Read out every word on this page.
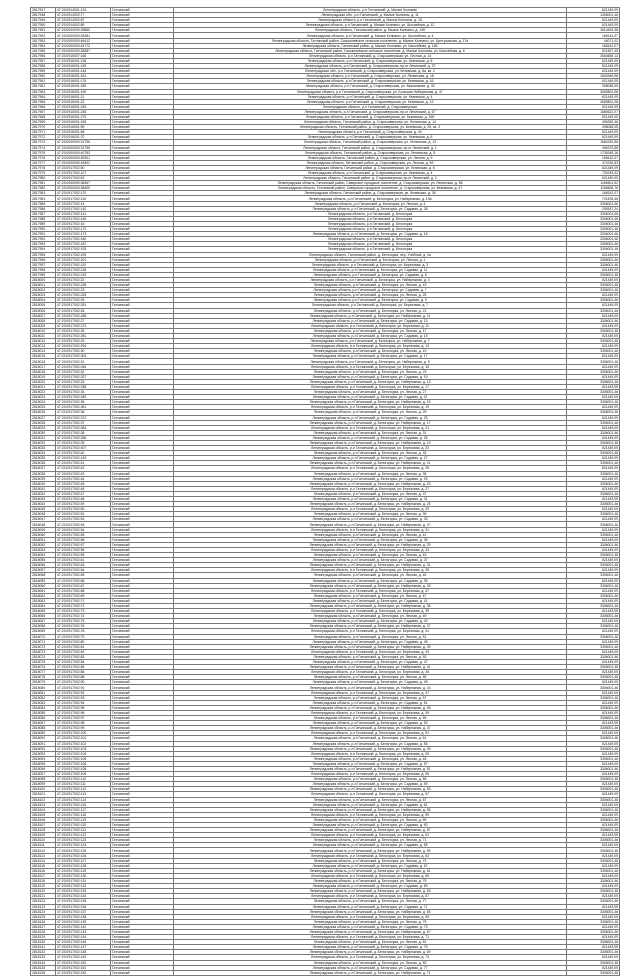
2817947	47:23:0914001:124	Гатчинский	Ленинградская область, р-н Гатчинский, д. Малые Колпаны	621449,09
2817948	47:23:0914002:77	Гатчинский	Ленинградская обл., р-н Гатчинский, д. Малые Колпаны, д. 11	1306001,46
2817949	47:23:0914002:87	Гатчинский	Ленинградская область, р-н Гатчинский, д. Малые Колпаны, д. 18	621449,09
2817950	47:23:0914002:89	Гатчинский	Ленинградская область, р-н Гатчинский, д. Малые Колпаны, ул. Шоссейная, д. 12	621449,09
2817951	47:23:0000000:39860	Гатчинский	Ленинградская область, Гатчинский район, д. Малые Колпаны, д. 13б	1614494,38
2817952	47:23:0000000:45481	Гатчинский	Ленинградская область, р-н Гатчинский, д. Малые Колпаны, ул. Шоссейная, д. 4	168142,07
2817953	47:23:0000000:46412	Гатчинский	Ленинградская область, Гатчинский район, Сяськелевское сельское поселение, д. Малые Колпаны, ул. Центральная, д. 17а	44071,02
2817954	47:23:0000000:44772	Гатчинский	Ленинградская область, Гатчинский район, д. Малые Колпаны, ул. Шоссейная, д. 16б	168142,07
2817955	47:23:0000000:38387	Гатчинский	Ленинградская область, Гатчинский район, Сяськелевское сельское поселение, д. Малые Колпаны, ул. Шоссейная, д. 6	621827,45
2817956	47:23:0916007:166	Гатчинский	Ленинградская область, р-н Гатчинский, д. Старосиверская, ул. Лесная, д. 14	3064665,13
2817957	47:23:0916001:136	Гатчинский	Ленинградская область, р-н Гатчинский, д. Старосиверская, ул. Кезевская, д. 8	621449,09
2817958	47:23:0916001:139	Гатчинский	Ленинградская область, р-н Гатчинский, д. Старосиверская, пр-кт Ленинский, д. 37	621449,09
2817959	47:23:0916001:144	Гатчинский	Ленинградская обл., р-н Гатчинский, д. Старосиверская, ул. Кезевская, д. 8а, кв. 2	621449,09
2817960	47:23:0916001:161	Гатчинский	Ленинградская область, р-н Гатчинский, д. Старосиверская, ул. Ленинская, д. 16	1604946,98
2817961	47:23:0916001:176	Гатчинский	Ленинградская область, р-н Гатчинский, д. Старосиверская, ул. Кезевская, д. 16	621449,09
2817962	47:23:0916001:189	Гатчинский	Ленинградская область, р-н Гатчинский, д. Старосиверская, ул. Вокзальная, д. 30	308048,05
2817963	47:23:0916001:190	Гатчинский	Ленинградская область, р-н Гатчинский, д. Старосиверская, ул. Большая Набережная, д. 47	3069801,08
2817964	47:23:0916001:21	Гатчинский	Ленинградская область, р-н Гатчинский, д. Старосиверская, ул. Кезевская, д. 4	621449,09
2817965	47:23:0916001:22	Гатчинский	Ленинградская область, р-н Гатчинский, д. Старосиверская, ул. Кезевская, д. 13	3069801,08
2817966	47:23:0916001:245	Гатчинский	Ленинградская область, р-н Гатчинский, д. Старосиверская	621449,09
2817967	47:23:0916001:248	Гатчинский	Ленинградская область, р-н Гатчинский, д. Старосиверская, пр-кт Ленинский, д. 67	1680622,07
2817968	47:23:0916001:275	Гатчинский	Ленинградская область, р-н Гатчинский, д. Старосиверская, ул. Кезевская, д. 16б	621449,09
2817969	47:23:0916001:318	Гатчинский	Ленинградская область, Гатчинский район, д. Старосиверская, ул. Ленинская, д. 14	496392,46
2817970	47:23:0916001:59	Гатчинский	Ленинградская область, Гатчинский район, д. Старосиверская, ул. Кезевская, д. 25, кв. 2	308048,05
2817971	47:23:0916001:65	Гатчинский	Ленинградская область, р-н Гатчинский, д. Старосиверская, д. 40	621449,09
2817972	47:23:0916001:70	Гатчинский	Ленинградская область, р-н Гатчинский, д. Старосиверская, ул. Кезевская, д. 6	621449,09
2817973	47:23:0000000:31796	Гатчинский	Ленинградская область, Гатчинский район, д. Старосиверская, ул. Ленинская, д. 13	1684262,86
2817974	47:23:0000000:31795	Гатчинский	Ленинградская область, Гатчинский район, д. Старосиверская, пр-кт Ленинский, д. 1	496370,88
2817975	47:23:0000000:40753	Гатчинский	Ленинградская область, Гатчинский район, д. Старосиверская, ул. Ленинская, д. 8	1735349,16
2817976	47:23:0000000:45301	Гатчинский	Ленинградская область, Гатчинский район, д. Старосиверская, ул. Лесная, д. 9	168142,07
2817977	47:23:0000000:45302	Гатчинский	Ленинградская область, Гатчинский район, д. Старосиверская, ул. Лесная, д. 9б	474230,83
2817978	47:23:0917002:60	Гатчинский	Ленинградская область, Гатчинский район, д. Старосиверская, ул. Кезевская, д. 6	621449,09
2817979	47:23:0917002:107	Гатчинский	Ленинградская область, р-н Гатчинский, д. Старосиверская, ул. Кезевская, д. 4	730243,32
2817980	47:23:0917002:62	Гатчинский	Ленинградская область, Гатчинский район, д. Старосиверская, пр-кт Ленинский, д. 2	621449,09
2817981	47:23:0000000:38367	Гатчинский	Ленинградская область, Гатчинский район, Сиверское городское поселение, д. Старосиверская, ул. Ленинская, д. 56	1166601,52
2817982	47:23:0000000:38409	Гатчинский	Ленинградская область, Гатчинский район, Сиверское городское поселение, д. Старосиверская, ул. Кезевская, д. 47	1166606,76
2817983	47:23:0917002:170	Гатчинский	Ленинградская область, Гатчинский район, д. Старосиверская, ул. Кезевская, д. 36	168142,07
2817984	47:23:0917002:115	Гатчинский	Ленинградская область, р-н Гатчинский, д. Белогорка, ул. Набережная, д. 19а	721878,38
2817985	47:23:0917002:14	Гатчинский	Ленинградская область, р-н Гатчинский, д. Белогорка, ул. Лесная, д. 4	3306001,46
2817986	47:23:0917002:140	Гатчинский	Ленинградская область, р-н Гатчинский, д. Белогорка, ул. Садовая, д. 28	298187,24
2817987	47:23:0917002:141	Гатчинский	Ленинградская область, р-н Гатчинский, д. Белогорка	3306001,46
2817988	47:23:0917002:145	Гатчинский	Ленинградская область, р-н Гатчинский, д. Белогорка	3306001,46
2817989	47:23:0917002:16	Гатчинский	Ленинградская область, р-н Гатчинский, д. Белогорка	3306001,46
2817990	47:23:0917002:170	Гатчинский	Ленинградская область, р-н Гатчинский, д. Белогорка	3306001,46
2817991	47:23:0917002:173	Гатчинский	Ленинградская область, р-н Гатчинский, д. Белогорка, ул. Садовая, д. 18	3306001,46
2817992	47:23:0917002:180	Гатчинский	Ленинградская область, р-н Гатчинский, д. Белогорка	3306001,46
2817993	47:23:0917002:187	Гатчинский	Ленинградская область, р-н Гатчинский, д. Белогорка	3306001,46
2817994	47:23:0917002:193	Гатчинский	Ленинградская область, р-н Гатчинский, д. Белогорка	3306001,46
2817995	47:23:0917002:199	Гатчинский	Ленинградская область, Гатчинский район, д. Белогорка, пер. Учебный, д. 2а	621449,09
2817996	47:23:0917002:201	Гатчинский	Ленинградская область, р-н Гатчинский, д. Белогорка, ул. Лесная, д. 1	3306001,46
2817997	47:23:0917002:210	Гатчинский	Ленинградская область, р-н Гатчинский, д. Белогорка, ул. Березовая, д. 3	3306001,46
2817998	47:23:0917002:218	Гатчинский	Ленинградская область, р-н Гатчинский, д. Белогорка, ул. Садовая, д. 11	621449,09
2817999	47:23:0917002:219	Гатчинский	Ленинградская область, р-н Гатчинский, д. Белогорка, ул. Садовая, д. 5	3306001,46
2818000	47:23:0917002:22	Гатчинский	Ленинградская область, р-н Гатчинский, д. Белогорка, ул. Набережная, д. 3	621449,09
2818001	47:23:0917002:228	Гатчинский	Ленинградская область, р-н Гатчинский, д. Белогорка, ул. Лесная, д. 15	3306001,46
2818002	47:23:0917002:23	Гатчинский	Ленинградская область, р-н Гатчинский, д. Белогорка, ул. Садовая, д. 7	3306001,46
2818003	47:23:0917002:233	Гатчинский	Ленинградская область, р-н Гатчинский, д. Белогорка, ул. Лесная, д. 25	621449,09
2818004	47:23:0917002:25	Гатчинский	Ленинградская область, р-н Гатчинский, д. Белогорка, ул. Садовая, д. 9	3306001,46
2818005	47:23:0917002:251	Гатчинский	Ленинградская область, р-н Гатчинский, д. Белогорка, ул. Березовая, д. 7	621449,09
2818006	47:23:0917002:26	Гатчинский	Ленинградская область, р-н Гатчинский, д. Белогорка, ул. Лесная, д. 21	3306001,46
2818007	47:23:0917002:268	Гатчинский	Ленинградская область, р-н Гатчинский, д. Белогорка, ул. Набережная, д. 11	621449,09
2818008	47:23:0917002:27	Гатчинский	Ленинградская область, р-н Гатчинский, д. Белогорка, ул. Садовая, д. 13	3306001,46
2818009	47:23:0917002:273	Гатчинский	Ленинградская область, р-н Гатчинский, д. Белогорка, ул. Березовая, д. 11	621449,09
2818010	47:23:0917002:28	Гатчинский	Ленинградская область, р-н Гатчинский, д. Белогорка, ул. Лесная, д. 17	3306001,46
2818011	47:23:0917002:281	Гатчинский	Ленинградская область, р-н Гатчинский, д. Белогорка, ул. Садовая, д. 15	621449,09
2818012	47:23:0917002:29	Гатчинский	Ленинградская область, р-н Гатчинский, д. Белогорка, ул. Набережная, д. 7	3306001,46
2818013	47:23:0917002:294	Гатчинский	Ленинградская область, р-н Гатчинский, д. Белогорка, ул. Березовая, д. 13	621449,09
2818014	47:23:0917002:30	Гатчинский	Ленинградская область, р-н Гатчинский, д. Белогорка, ул. Лесная, д. 19	3306001,46
2818015	47:23:0917002:303	Гатчинский	Ленинградская область, р-н Гатчинский, д. Белогорка, ул. Садовая, д. 17	621449,09
2818016	47:23:0917002:31	Гатчинский	Ленинградская область, р-н Гатчинский, д. Белогорка, ул. Набережная, д. 9	3306001,46
2818017	47:23:0917002:316	Гатчинский	Ленинградская область, р-н Гатчинский, д. Белогорка, ул. Березовая, д. 15	621449,09
2818018	47:23:0917002:32	Гатчинский	Ленинградская область, р-н Гатчинский, д. Белогорка, ул. Лесная, д. 23	3306001,46
2818019	47:23:0917002:327	Гатчинский	Ленинградская область, р-н Гатчинский, д. Белогорка, ул. Садовая, д. 19	621449,09
2818020	47:23:0917002:33	Гатчинский	Ленинградская область, р-н Гатчинский, д. Белогорка, ул. Набережная, д. 13	3306001,46
2818021	47:23:0917002:338	Гатчинский	Ленинградская область, р-н Гатчинский, д. Белогорка, ул. Березовая, д. 17	621449,09
2818022	47:23:0917002:34	Гатчинский	Ленинградская область, р-н Гатчинский, д. Белогорка, ул. Лесная, д. 27	3306001,46
2818023	47:23:0917002:349	Гатчинский	Ленинградская область, р-н Гатчинский, д. Белогорка, ул. Садовая, д. 21	621449,09
2818024	47:23:0917002:35	Гатчинский	Ленинградская область, р-н Гатчинский, д. Белогорка, ул. Набережная, д. 15	3306001,46
2818025	47:23:0917002:361	Гатчинский	Ленинградская область, р-н Гатчинский, д. Белогорка, ул. Березовая, д. 19	621449,09
2818026	47:23:0917002:36	Гатчинский	Ленинградская область, р-н Гатчинский, д. Белогорка, ул. Лесная, д. 29	3306001,46
2818027	47:23:0917002:372	Гатчинский	Ленинградская область, р-н Гатчинский, д. Белогорка, ул. Садовая, д. 23	621449,09
2818028	47:23:0917002:37	Гатчинский	Ленинградская область, р-н Гатчинский, д. Белогорка, ул. Набережная, д. 17	3306001,46
2818029	47:23:0917002:384	Гатчинский	Ленинградская область, р-н Гатчинский, д. Белогорка, ул. Березовая, д. 21	621449,09
2818030	47:23:0917002:38	Гатчинский	Ленинградская область, р-н Гатчинский, д. Белогорка, ул. Лесная, д. 31	3306001,46
2818031	47:23:0917002:396	Гатчинский	Ленинградская область, р-н Гатчинский, д. Белогорка, ул. Садовая, д. 25	621449,09
2818032	47:23:0917002:39	Гатчинский	Ленинградская область, р-н Гатчинский, д. Белогорка, ул. Набережная, д. 19	3306001,46
2818033	47:23:0917002:407	Гатчинский	Ленинградская область, р-н Гатчинский, д. Белогорка, ул. Березовая, д. 23	621449,09
2818034	47:23:0917002:40	Гатчинский	Ленинградская область, р-н Гатчинский, д. Белогорка, ул. Лесная, д. 33	3306001,46
2818035	47:23:0917002:419	Гатчинский	Ленинградская область, р-н Гатчинский, д. Белогорка, ул. Садовая, д. 27	621449,09
2818036	47:23:0917002:41	Гатчинский	Ленинградская область, р-н Гатчинский, д. Белогорка, ул. Набережная, д. 21	3306001,46
2818037	47:23:0917002:42	Гатчинский	Ленинградская область, р-н Гатчинский, д. Белогорка, ул. Березовая, д. 25	621449,09
2818038	47:23:0917002:43	Гатчинский	Ленинградская область, р-н Гатчинский, д. Белогорка, ул. Лесная, д. 35	3306001,46
2818039	47:23:0917002:44	Гатчинский	Ленинградская область, р-н Гатчинский, д. Белогорка, ул. Садовая, д. 29	621449,09
2818040	47:23:0917002:45	Гатчинский	Ленинградская область, р-н Гатчинский, д. Белогорка, ул. Набережная, д. 23	3306001,46
2818041	47:23:0917002:46	Гатчинский	Ленинградская область, р-н Гатчинский, д. Белогорка, ул. Березовая, д. 27	621449,09
2818042	47:23:0917002:47	Гатчинский	Ленинградская область, р-н Гатчинский, д. Белогорка, ул. Лесная, д. 37	3306001,46
2818043	47:23:0917002:48	Гатчинский	Ленинградская область, р-н Гатчинский, д. Белогорка, ул. Садовая, д. 31	621449,09
2818044	47:23:0917002:49	Гатчинский	Ленинградская область, р-н Гатчинский, д. Белогорка, ул. Набережная, д. 25	3306001,46
2818045	47:23:0917002:50	Гатчинский	Ленинградская область, р-н Гатчинский, д. Белогорка, ул. Березовая, д. 29	621449,09
2818046	47:23:0917002:51	Гатчинский	Ленинградская область, р-н Гатчинский, д. Белогорка, ул. Лесная, д. 39	3306001,46
2818047	47:23:0917002:52	Гатчинский	Ленинградская область, р-н Гатчинский, д. Белогорка, ул. Садовая, д. 33	621449,09
2818048	47:23:0917002:53	Гатчинский	Ленинградская область, р-н Гатчинский, д. Белогорка, ул. Набережная, д. 27	3306001,46
2818049	47:23:0917002:54	Гатчинский	Ленинградская область, р-н Гатчинский, д. Белогорка, ул. Березовая, д. 31	621449,09
2818050	47:23:0917002:55	Гатчинский	Ленинградская область, р-н Гатчинский, д. Белогорка, ул. Лесная, д. 41	3306001,46
2818051	47:23:0917002:56	Гатчинский	Ленинградская область, р-н Гатчинский, д. Белогорка, ул. Садовая, д. 35	621449,09
2818052	47:23:0917002:57	Гатчинский	Ленинградская область, р-н Гатчинский, д. Белогорка, ул. Набережная, д. 29	3306001,46
2818053	47:23:0917002:58	Гатчинский	Ленинградская область, р-н Гатчинский, д. Белогорка, ул. Березовая, д. 33	621449,09
2818054	47:23:0917002:59	Гатчинский	Ленинградская область, р-н Гатчинский, д. Белогорка, ул. Лесная, д. 43	3306001,46
2818055	47:23:0917002:61	Гатчинский	Ленинградская область, р-н Гатчинский, д. Белогорка, ул. Садовая, д. 37	621449,09
2818056	47:23:0917002:63	Гатчинский	Ленинградская область, р-н Гатчинский, д. Белогорка, ул. Набережная, д. 31	3306001,46
2818057	47:23:0917002:64	Гатчинский	Ленинградская область, р-н Гатчинский, д. Белогорка, ул. Березовая, д. 35	621449,09
2818058	47:23:0917002:65	Гатчинский	Ленинградская область, р-н Гатчинский, д. Белогорка, ул. Лесная, д. 45	3306001,46
2818059	47:23:0917002:66	Гатчинский	Ленинградская область, р-н Гатчинский, д. Белогорка, ул. Садовая, д. 39	621449,09
2818060	47:23:0917002:67	Гатчинский	Ленинградская область, р-н Гатчинский, д. Белогорка, ул. Набережная, д. 33	3306001,46
2818061	47:23:0917002:68	Гатчинский	Ленинградская область, р-н Гатчинский, д. Белогорка, ул. Березовая, д. 37	621449,09
2818062	47:23:0917002:69	Гатчинский	Ленинградская область, р-н Гатчинский, д. Белогорка, ул. Лесная, д. 47	3306001,46
2818063	47:23:0917002:71	Гатчинский	Ленинградская область, р-н Гатчинский, д. Белогорка, ул. Садовая, д. 41	621449,09
2818064	47:23:0917002:72	Гатчинский	Ленинградская область, р-н Гатчинский, д. Белогорка, ул. Набережная, д. 35	3306001,46
2818065	47:23:0917002:73	Гатчинский	Ленинградская область, р-н Гатчинский, д. Белогорка, ул. Березовая, д. 39	621449,09
2818066	47:23:0917002:74	Гатчинский	Ленинградская область, р-н Гатчинский, д. Белогорка, ул. Лесная, д. 49	3306001,46
2818067	47:23:0917002:75	Гатчинский	Ленинградская область, р-н Гатчинский, д. Белогорка, ул. Садовая, д. 43	621449,09
2818068	47:23:0917002:76	Гатчинский	Ленинградская область, р-н Гатчинский, д. Белогорка, ул. Набережная, д. 37	3306001,46
2818069	47:23:0917002:78	Гатчинский	Ленинградская область, р-н Гатчинский, д. Белогорка, ул. Березовая, д. 41	621449,09
2818070	47:23:0917002:79	Гатчинский	Ленинградская область, р-н Гатчинский, д. Белогорка, ул. Лесная, д. 51	3306001,46
2818071	47:23:0917002:80	Гатчинский	Ленинградская область, р-н Гатчинский, д. Белогорка, ул. Садовая, д. 45	621449,09
2818072	47:23:0917002:81	Гатчинский	Ленинградская область, р-н Гатчинский, д. Белогорка, ул. Набережная, д. 39	3306001,46
2818073	47:23:0917002:82	Гатчинский	Ленинградская область, р-н Гатчинский, д. Белогорка, ул. Березовая, д. 43	621449,09
2818074	47:23:0917002:83	Гатчинский	Ленинградская область, р-н Гатчинский, д. Белогорка, ул. Лесная, д. 53	3306001,46
2818075	47:23:0917002:84	Гатчинский	Ленинградская область, р-н Гатчинский, д. Белогорка, ул. Садовая, д. 47	621449,09
2818076	47:23:0917002:85	Гатчинский	Ленинградская область, р-н Гатчинский, д. Белогорка, ул. Набережная, д. 41	3306001,46
2818077	47:23:0917002:86	Гатчинский	Ленинградская область, р-н Гатчинский, д. Белогорка, ул. Березовая, д. 45	621449,09
2818078	47:23:0917002:88	Гатчинский	Ленинградская область, р-н Гатчинский, д. Белогорка, ул. Лесная, д. 55	3306001,46
2818079	47:23:0917002:90	Гатчинский	Ленинградская область, р-н Гатчинский, д. Белогорка, ул. Садовая, д. 49	621449,09
2818080	47:23:0917002:91	Гатчинский	Ленинградская область, р-н Гатчинский, д. Белогорка, ул. Набережная, д. 43	3306001,46
2818081	47:23:0917002:92	Гатчинский	Ленинградская область, р-н Гатчинский, д. Белогорка, ул. Березовая, д. 47	621449,09
2818082	47:23:0917002:93	Гатчинский	Ленинградская область, р-н Гатчинский, д. Белогорка, ул. Лесная, д. 57	3306001,46
2818083	47:23:0917002:94	Гатчинский	Ленинградская область, р-н Гатчинский, д. Белогорка, ул. Садовая, д. 51	621449,09
2818084	47:23:0917002:95	Гатчинский	Ленинградская область, р-н Гатчинский, д. Белогорка, ул. Набережная, д. 45	3306001,46
2818085	47:23:0917002:96	Гатчинский	Ленинградская область, р-н Гатчинский, д. Белогорка, ул. Березовая, д. 49	621449,09
2818086	47:23:0917002:97	Гатчинский	Ленинградская область, р-н Гатчинский, д. Белогорка, ул. Лесная, д. 59	3306001,46
2818087	47:23:0917002:98	Гатчинский	Ленинградская область, р-н Гатчинский, д. Белогорка, ул. Садовая, д. 53	621449,09
2818088	47:23:0917002:99	Гатчинский	Ленинградская область, р-н Гатчинский, д. Белогорка, ул. Набережная, д. 47	3306001,46
2818089	47:23:0917002:100	Гатчинский	Ленинградская область, р-н Гатчинский, д. Белогорка, ул. Березовая, д. 51	621449,09
2818090	47:23:0917002:101	Гатчинский	Ленинградская область, р-н Гатчинский, д. Белогорка, ул. Лесная, д. 61	3306001,46
2818091	47:23:0917002:102	Гатчинский	Ленинградская область, р-н Гатчинский, д. Белогорка, ул. Садовая, д. 55	621449,09
2818092	47:23:0917002:103	Гатчинский	Ленинградская область, р-н Гатчинский, д. Белогорка, ул. Набережная, д. 49	3306001,46
2818093	47:23:0917002:104	Гатчинский	Ленинградская область, р-н Гатчинский, д. Белогорка, ул. Березовая, д. 53	621449,09
2818094	47:23:0917002:105	Гатчинский	Ленинградская область, р-н Гатчинский, д. Белогорка, ул. Лесная, д. 63	3306001,46
2818095	47:23:0917002:106	Гатчинский	Ленинградская область, р-н Гатчинский, д. Белогорка, ул. Садовая, д. 57	621449,09
2818096	47:23:0917002:108	Гатчинский	Ленинградская область, р-н Гатчинский, д. Белогорка, ул. Набережная, д. 51	3306001,46
2818097	47:23:0917002:109	Гатчинский	Ленинградская область, р-н Гатчинский, д. Белогорка, ул. Березовая, д. 55	621449,09
2818098	47:23:0917002:110	Гатчинский	Ленинградская область, р-н Гатчинский, д. Белогорка, ул. Лесная, д. 65	3306001,46
2818099	47:23:0917002:111	Гатчинский	Ленинградская область, р-н Гатчинский, д. Белогорка, ул. Садовая, д. 59	621449,09
2818100	47:23:0917002:112	Гатчинский	Ленинградская область, р-н Гатчинский, д. Белогорка, ул. Набережная, д. 53	3306001,46
2818101	47:23:0917002:113	Гатчинский	Ленинградская область, р-н Гатчинский, д. Белогорка, ул. Березовая, д. 57	621449,09
2818102	47:23:0917002:114	Гатчинский	Ленинградская область, р-н Гатчинский, д. Белогорка, ул. Лесная, д. 67	3306001,46
2818103	47:23:0917002:116	Гатчинский	Ленинградская область, р-н Гатчинский, д. Белогорка, ул. Садовая, д. 61	621449,09
2818104	47:23:0917002:117	Гатчинский	Ленинградская область, р-н Гатчинский, д. Белогорка, ул. Набережная, д. 55	3306001,46
2818105	47:23:0917002:118	Гатчинский	Ленинградская область, р-н Гатчинский, д. Белогорка, ул. Березовая, д. 59	621449,09
2818106	47:23:0917002:119	Гатчинский	Ленинградская область, р-н Гатчинский, д. Белогорка, ул. Лесная, д. 69	3306001,46
2818107	47:23:0917002:120	Гатчинский	Ленинградская область, р-н Гатчинский, д. Белогорка, ул. Садовая, д. 63	621449,09
2818108	47:23:0917002:121	Гатчинский	Ленинградская область, р-н Гатчинский, д. Белогорка, ул. Набережная, д. 57	3306001,46
2818109	47:23:0917002:122	Гатчинский	Ленинградская область, р-н Гатчинский, д. Белогорка, ул. Березовая, д. 61	621449,09
2818110	47:23:0917002:123	Гатчинский	Ленинградская область, р-н Гатчинский, д. Белогорка, ул. Лесная, д. 71	3306001,46
2818111	47:23:0917002:124	Гатчинский	Ленинградская область, р-н Гатчинский, д. Белогорка, ул. Садовая, д. 65	621449,09
2818112	47:23:0917002:125	Гатчинский	Ленинградская область, р-н Гатчинский, д. Белогорка, ул. Набережная, д. 59	3306001,46
2818113	47:23:0917002:126	Гатчинский	Ленинградская область, р-н Гатчинский, д. Белогорка, ул. Березовая, д. 63	621449,09
2818114	47:23:0917002:127	Гатчинский	Ленинградская область, р-н Гатчинский, д. Белогорка, ул. Лесная, д. 73	3306001,46
2818115	47:23:0917002:128	Гатчинский	Ленинградская область, р-н Гатчинский, д. Белогорка, ул. Садовая, д. 67	621449,09
2818116	47:23:0917002:129	Гатчинский	Ленинградская область, р-н Гатчинский, д. Белогорка, ул. Набережная, д. 61	3306001,46
2818117	47:23:0917002:130	Гатчинский	Ленинградская область, р-н Гатчинский, д. Белогорка, ул. Березовая, д. 65	621449,09
2818118	47:23:0917002:131	Гатчинский	Ленинградская область, р-н Гатчинский, д. Белогорка, ул. Лесная, д. 75	3306001,46
2818119	47:23:0917002:132	Гатчинский	Ленинградская область, р-н Гатчинский, д. Белогорка, ул. Садовая, д. 69	621449,09
2818120	47:23:0917002:133	Гатчинский	Ленинградская область, р-н Гатчинский, д. Белогорка, ул. Набережная, д. 63	3306001,46
2818121	47:23:0917002:134	Гатчинский	Ленинградская область, р-н Гатчинский, д. Белогорка, ул. Березовая, д. 67	621449,09
2818122	47:23:0917002:135	Гатчинский	Ленинградская область, р-н Гатчинский, д. Белогорка, ул. Лесная, д. 77	3306001,46
2818123	47:23:0917002:136	Гатчинский	Ленинградская область, р-н Гатчинский, д. Белогорка, ул. Садовая, д. 71	621449,09
2818124	47:23:0917002:137	Гатчинский	Ленинградская область, р-н Гатчинский, д. Белогорка, ул. Набережная, д. 65	3306001,46
2818125	47:23:0917002:138	Гатчинский	Ленинградская область, р-н Гатчинский, д. Белогорка, ул. Березовая, д. 69	621449,09
2818126	47:23:0917002:139	Гатчинский	Ленинградская область, р-н Гатчинский, д. Белогорка, ул. Лесная, д. 79	3306001,46
2818127	47:23:0917002:142	Гатчинский	Ленинградская область, р-н Гатчинский, д. Белогорка, ул. Садовая, д. 73	621449,09
2818128	47:23:0917002:143	Гатчинский	Ленинградская область, р-н Гатчинский, д. Белогорка, ул. Набережная, д. 67	3306001,46
2818129	47:23:0917002:144	Гатчинский	Ленинградская область, р-н Гатчинский, д. Белогорка, ул. Березовая, д. 71	621449,09
2818130	47:23:0917002:146	Гатчинский	Ленинградская область, р-н Гатчинский, д. Белогорка, ул. Лесная, д. 81	3306001,46
2818131	47:23:0917002:147	Гатчинский	Ленинградская область, р-н Гатчинский, д. Белогорка, ул. Садовая, д. 75	621449,09
2818132	47:23:0917002:148	Гатчинский	Ленинградская область, р-н Гатчинский, д. Белогорка, ул. Набережная, д. 69	3306001,46
2818133	47:23:0917002:149	Гатчинский	Ленинградская область, р-н Гатчинский, д. Белогорка, ул. Березовая, д. 73	621449,09
2818134	47:23:0917002:150	Гатчинский	Ленинградская область, р-н Гатчинский, д. Белогорка, ул. Лесная, д. 83	3306001,46
2818135	47:23:0917002:151	Гатчинский	Ленинградская область, р-н Гатчинский, д. Белогорка, ул. Садовая, д. 77	621449,09
2818136	47:23:0917002:152	Гатчинский	Ленинградская область, р-н Гатчинский, д. Белогорка, ул. Набережная, д. 71	3306001,46
